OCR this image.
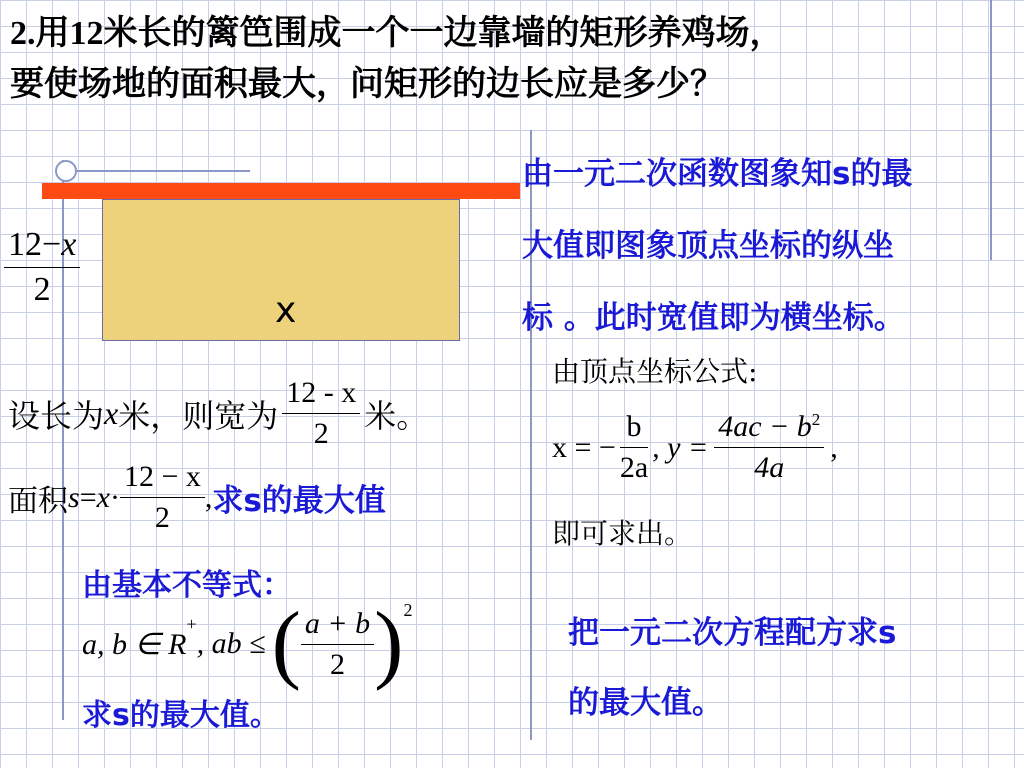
2.用12米长的篱笆围成一个一边靠墙的矩形养鸡场，
要使场地的面积最大，问矩形的边长应是多少？
x
12−x
2
设长为 x 米，则宽为 $\frac{12 - x}{2}$ 米。
面积 $s = x \cdot \frac{12 - x}{2}$ , 求s的最大值
由基本不等式：
a, b ∈ R
+
, ab ≤ ( $\frac{a + b}{2} )^2$
求s的最大值。
由一元二次函数图象知s的最
大值即图象顶点坐标的纵坐
标 。此时宽值即为横坐标。
由顶点坐标公式:
x = − $\frac{b}{2a}$ , $y = \frac{4ac - b^2}{4a}$ ,
即可求出。
把一元二次方程配方求s
的最大值。
